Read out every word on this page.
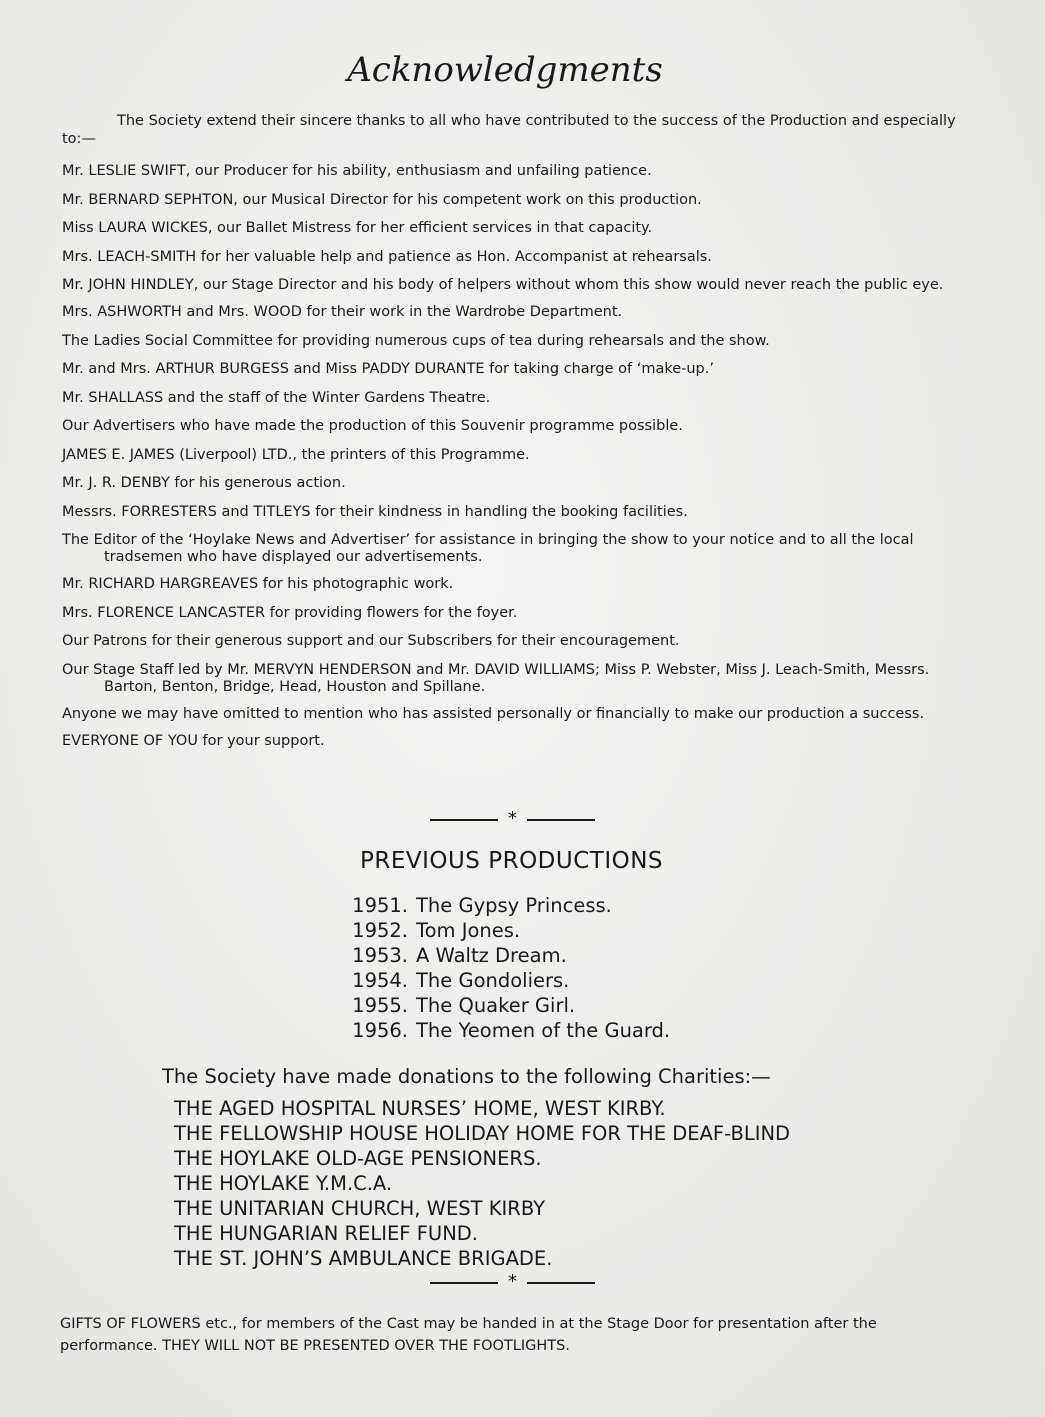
Acknowledgments

The Society extend their sincere thanks to all who have contributed to the success of the Production and especially to:—

Mr. LESLIE SWIFT, our Producer for his ability, enthusiasm and unfailing patience.
Mr. BERNARD SEPHTON, our Musical Director for his competent work on this production.
Miss LAURA WICKES, our Ballet Mistress for her efficient services in that capacity.
Mrs. LEACH-SMITH for her valuable help and patience as Hon. Accompanist at rehearsals.
Mr. JOHN HINDLEY, our Stage Director and his body of helpers without whom this show would never reach the public eye.
Mrs. ASHWORTH and Mrs. WOOD for their work in the Wardrobe Department.
The Ladies Social Committee for providing numerous cups of tea during rehearsals and the show.
Mr. and Mrs. ARTHUR BURGESS and Miss PADDY DURANTE for taking charge of ‘make-up.’
Mr. SHALLASS and the staff of the Winter Gardens Theatre.
Our Advertisers who have made the production of this Souvenir programme possible.
JAMES E. JAMES (Liverpool) LTD., the printers of this Programme.
Mr. J. R. DENBY for his generous action.
Messrs. FORRESTERS and TITLEYS for their kindness in handling the booking facilities.
The Editor of the ‘Hoylake News and Advertiser’ for assistance in bringing the show to your notice and to all the local tradsemen who have displayed our advertisements.
Mr. RICHARD HARGREAVES for his photographic work.
Mrs. FLORENCE LANCASTER for providing flowers for the foyer.
Our Patrons for their generous support and our Subscribers for their encouragement.
Our Stage Staff led by Mr. MERVYN HENDERSON and Mr. DAVID WILLIAMS; Miss P. Webster, Miss J. Leach-Smith, Messrs. Barton, Benton, Bridge, Head, Houston and Spillane.
Anyone we may have omitted to mention who has assisted personally or financially to make our production a success.
EVERYONE OF YOU for your support.
*
PREVIOUS PRODUCTIONS
1951. The Gypsy Princess.
1952. Tom Jones.
1953. A Waltz Dream.
1954. The Gondoliers.
1955. The Quaker Girl.
1956. The Yeomen of the Guard.

The Society have made donations to the following Charities:—

THE AGED HOSPITAL NURSES’ HOME, WEST KIRBY.
THE FELLOWSHIP HOUSE HOLIDAY HOME FOR THE DEAF-BLIND
THE HOYLAKE OLD-AGE PENSIONERS.
THE HOYLAKE Y.M.C.A.
THE UNITARIAN CHURCH, WEST KIRBY
THE HUNGARIAN RELIEF FUND.
THE ST. JOHN’S AMBULANCE BRIGADE.
*

GIFTS OF FLOWERS etc., for members of the Cast may be handed in at the Stage Door for presentation after the performance. THEY WILL NOT BE PRESENTED OVER THE FOOTLIGHTS.
